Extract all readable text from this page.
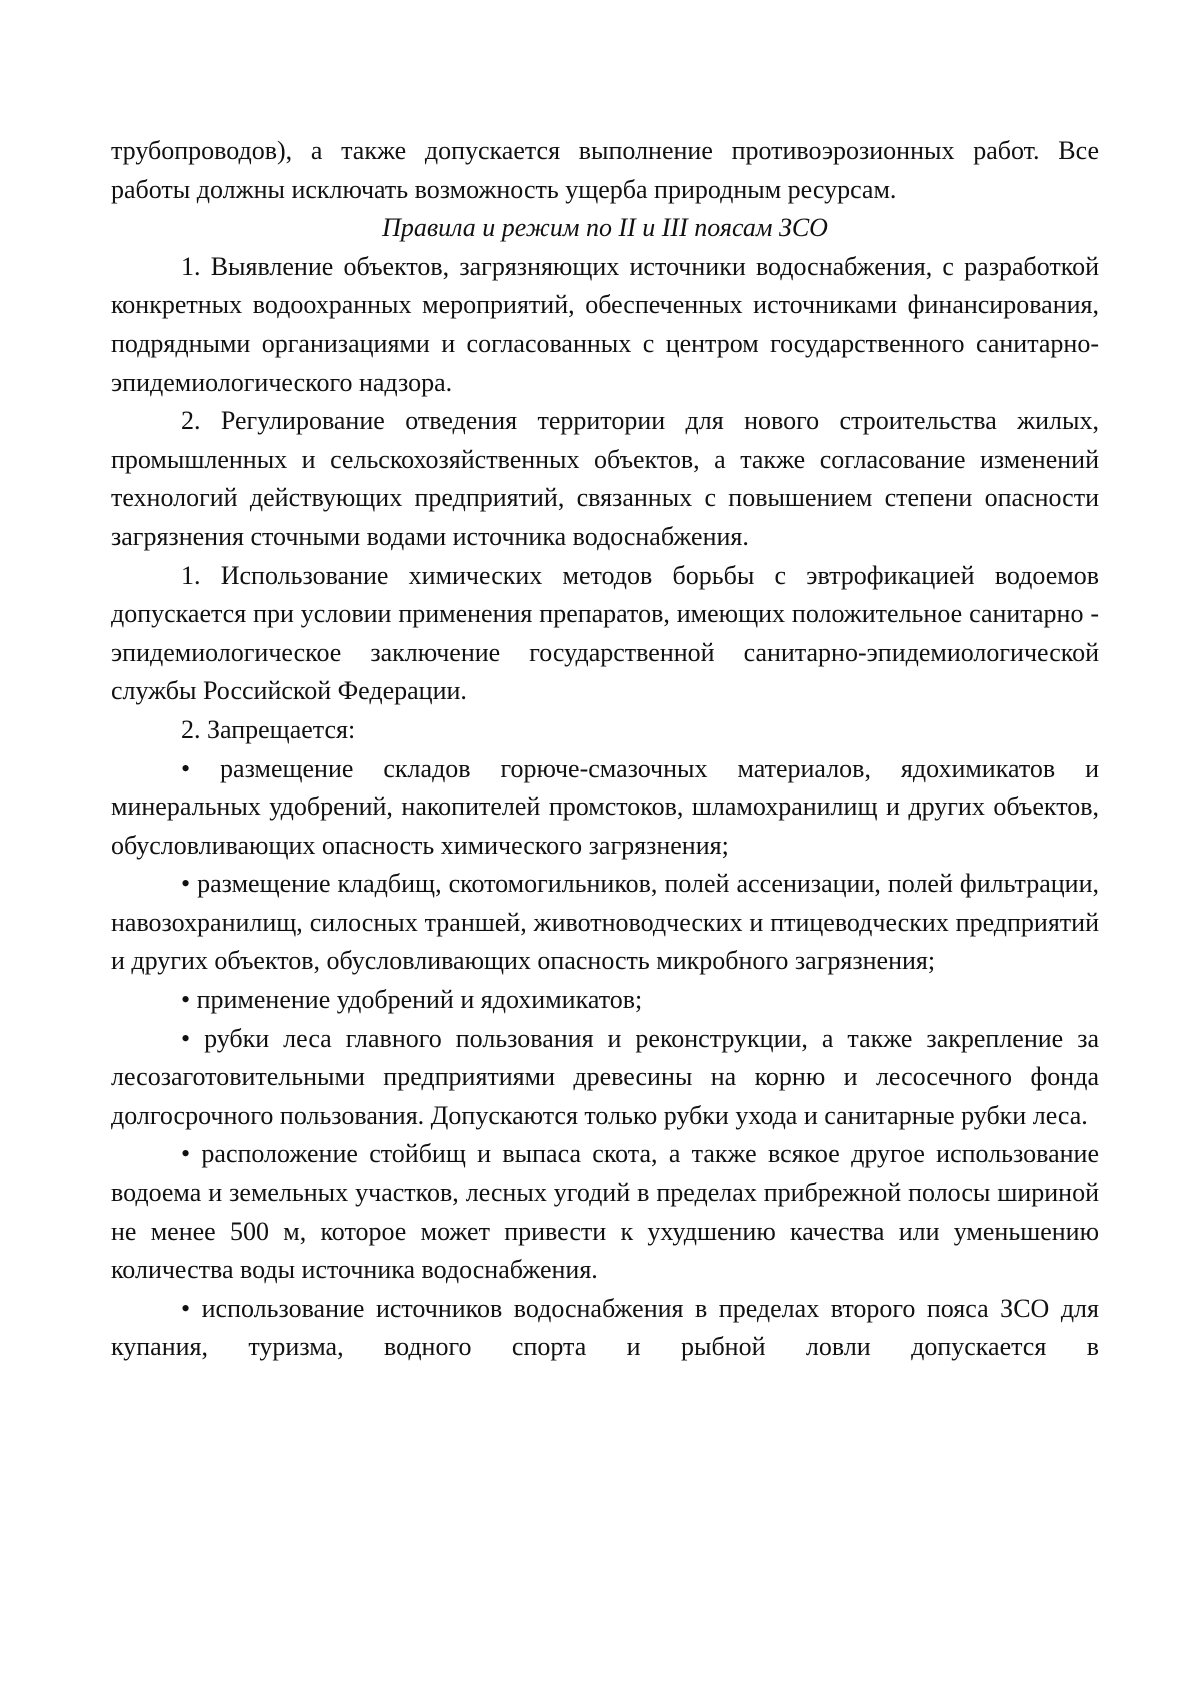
трубопроводов), а также допускается выполнение противоэрозионных работ. Все работы должны исключать возможность ущерба природным ресурсам.

Правила и режим по II и III поясам ЗСО

1. Выявление объектов, загрязняющих источники водоснабжения, с разработкой конкретных водоохранных мероприятий, обеспеченных источниками финансирования, подрядными организациями и согласованных с центром государственного санитарно-эпидемиологического надзора.

2. Регулирование отведения территории для нового строительства жилых, промышленных и сельскохозяйственных объектов, а также согласование изменений технологий действующих предприятий, связанных с повышением степени опасности загрязнения сточными водами источника водоснабжения.

1. Использование химических методов борьбы с эвтрофикацией водоемов допускается при условии применения препаратов, имеющих положительное санитарно - эпидемиологическое заключение государственной санитарно-эпидемиологической службы Российской Федерации.

2. Запрещается:

• размещение складов горюче-смазочных материалов, ядохимикатов и минеральных удобрений, накопителей промстоков, шламохранилищ и других объектов, обусловливающих опасность химического загрязнения;

• размещение кладбищ, скотомогильников, полей ассенизации, полей фильтрации, навозохранилищ, силосных траншей, животноводческих и птицеводческих предприятий и других объектов, обусловливающих опасность микробного загрязнения;

• применение удобрений и ядохимикатов;

• рубки леса главного пользования и реконструкции, а также закрепление за лесозаготовительными предприятиями древесины на корню и лесосечного фонда долгосрочного пользования. Допускаются только рубки ухода и санитарные рубки леса.

• расположение стойбищ и выпаса скота, а также всякое другое использование водоема и земельных участков, лесных угодий в пределах прибрежной полосы шириной не менее 500 м, которое может привести к ухудшению качества или уменьшению количества воды источника водоснабжения.

• использование источников водоснабжения в пределах второго пояса ЗСО для купания, туризма, водного спорта и рыбной ловли допускается в
